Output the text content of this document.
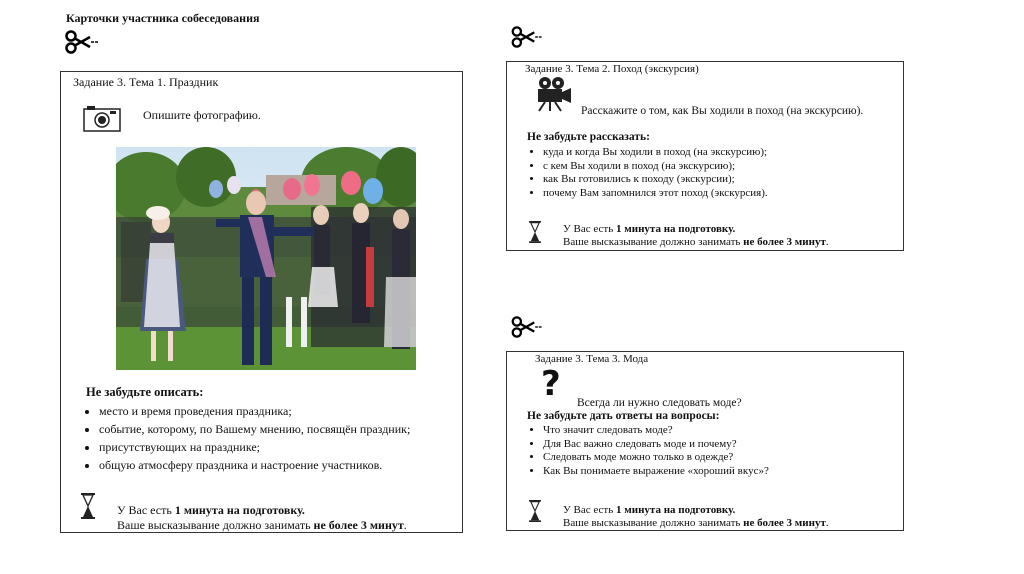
Карточки участника собеседования
Задание 3. Тема 1. Праздник
Опишите фотографию.
Не забудьте описать:
• место и время проведения праздника;
• событие, которому, по Вашему мнению, посвящён праздник;
• присутствующих на празднике;
• общую атмосферу праздника и настроение участников.
У Вас есть 1 минута на подготовку.
Ваше высказывание должно занимать не более 3 минут.
Задание 3. Тема 2. Поход (экскурсия)
Расскажите о том, как Вы ходили в поход (на экскурсию).
Не забудьте рассказать:
• куда и когда Вы ходили в поход (на экскурсию);
• с кем Вы ходили в поход (на экскурсию);
• как Вы готовились к походу (экскурсии);
• почему Вам запомнился этот поход (экскурсия).
У Вас есть 1 минута на подготовку.
Ваше высказывание должно занимать не более 3 минут.
Задание 3. Тема 3. Мода
? Всегда ли нужно следовать моде?
Не забудьте дать ответы на вопросы:
• Что значит следовать моде?
• Для Вас важно следовать моде и почему?
• Следовать моде можно только в одежде?
• Как Вы понимаете выражение «хороший вкус»?
У Вас есть 1 минута на подготовку.
Ваше высказывание должно занимать не более 3 минут.
